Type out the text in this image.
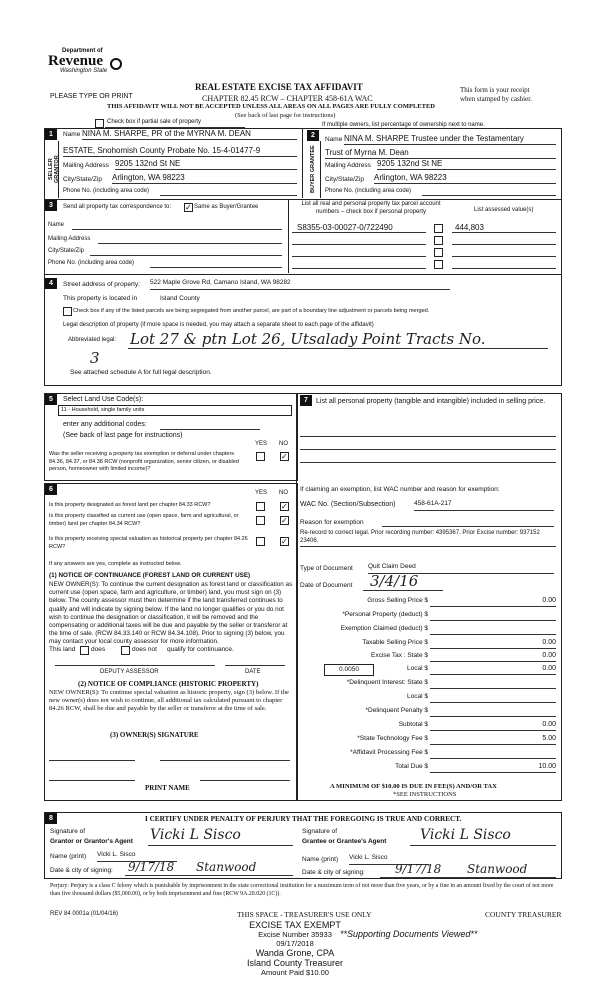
Department of
Revenue
Washington State
PLEASE TYPE OR PRINT
REAL ESTATE EXCISE TAX AFFIDAVIT
CHAPTER 82.45 RCW – CHAPTER 458-61A WAC
THIS AFFIDAVIT WILL NOT BE ACCEPTED UNLESS ALL AREAS ON ALL PAGES ARE FULLY COMPLETED
(See back of last page for instructions)
This form is your receipt
when stamped by cashier.
Check box if partial sale of property	If multiple owners, list percentage of ownership next to name.
1
SELLER GRANTOR
Name NINA M. SHARPE, PR of the MYRNA M. DEAN
ESTATE, Snohomish County Probate No. 15-4-01477-9
Mailing Address 9205 132nd St NE
City/State/Zip Arlington, WA 98223
Phone No. (including area code)
2
BUYER GRANTEE
Name NINA M. SHARPE Trustee under the Testamentary
Trust of Myrna M. Dean
Mailing Address 9205 132nd St NE
City/State/Zip Arlington, WA 98223
Phone No. (including area code)
3	Send all property tax correspondence to:
✓	Same as Buyer/Grantee	List all real and personal property tax parcel account numbers – check box if personal property	List assessed value(s)
Name
Mailing Address
City/State/Zip
Phone No. (including area code)
S8355-03-00027-0/722490	444,803
4	Street address of property: 522 Maple Grove Rd, Camano Island, WA 98282
This property is located in	Island County
Check box if any of the listed parcels are being segregated from another parcel, are part of a boundary line adjustment or parcels being merged.
Legal description of property (if more space is needed, you may attach a separate sheet to each page of the affidavit)
Abbreviated legal: Lot 27 & ptn Lot 26, Utsalady Point Tracts No.
3
See attached schedule A for full legal description.
5	Select Land Use Code(s):
11 - Household, single family units
enter any additional codes:
(See back of last page for instructions)
YES NO
Was the seller receiving a property tax exemption or deferral under chapters 84.36, 84.37, or 84.38 RCW (nonprofit organization, senior citizen, or disabled person, homeowner with limited income)?
✓
6	YES NO
Is this property designated as forest land per chapter 84.33 RCW?
✓
Is this property classified as current use (open space, farm and agricultural, or timber) land per chapter 84.34 RCW?
✓
Is this property receiving special valuation as historical property per chapter 84.26 RCW?
✓
If any answers are yes, complete as instructed below.
(1) NOTICE OF CONTINUANCE (FOREST LAND OR CURRENT USE)
NEW OWNER(S): To continue the current designation as forest land or classification as current use (open space, farm and agriculture, or timber) land, you must sign on (3) below. The county assessor must then determine if the land transferred continues to qualify and will indicate by signing below. If the land no longer qualifies or you do not wish to continue the designation or classification, it will be removed and the compensating or additional taxes will be due and payable by the seller or transferor at the time of sale. (RCW 84.33.140 or RCW 84.34.108). Prior to signing (3) below, you may contact your local county assessor for more information.
This land does	does not qualify for continuance.
DEPUTY ASSESSOR	DATE
(2) NOTICE OF COMPLIANCE (HISTORIC PROPERTY)
NEW OWNER(S): To continue special valuation as historic property, sign (3) below. If the new owner(s) does not wish to continue, all additional tax calculated pursuant to chapter 84.26 RCW, shall be due and payable by the seller or transferor at the time of sale.
(3) OWNER(S) SIGNATURE
PRINT NAME
7	List all personal property (tangible and intangible) included in selling price.
If claiming an exemption, list WAC number and reason for exemption:
WAC No. (Section/Subsection)	458-61A-217
Reason for exemption
Re-record to correct legal. Prior recording number: 4395367. Prior Excise number: 937152 23406.
Type of Document Quit Claim Deed
Date of Document 3/4/16
Gross Selling Price $	0.00
*Personal Property (deduct) $
Exemption Claimed (deduct) $
Taxable Selling Price $	0.00
Excise Tax : State $	0.00
0.0050	Local $	0.00
*Delinquent Interest: State $
Local $
*Delinquent Penalty $
Subtotal $	0.00
*State Technology Fee $	5.00
*Affidavit Processing Fee $
Total Due $	10.00
A MINIMUM OF $10.00 IS DUE IN FEE(S) AND/OR TAX
*SEE INSTRUCTIONS
8	I CERTIFY UNDER PENALTY OF PERJURY THAT THE FOREGOING IS TRUE AND CORRECT.
Signature of
Grantor or Grantor's Agent Vicki L Sisco
Name (print) Vicki L. Sisco
Date & city of signing: 9/17/18 Stanwood
Signature of
Grantee or Grantee's Agent Vicki L Sisco
Name (print) Vicki L. Sisco
Date & city of signing:	9/17/18 Stanwood
Perjury: Perjury is a class C felony which is punishable by imprisonment in the state correctional institution for a maximum term of not more than five years, or by a fine in an amount fixed by the court of not more than five thousand dollars ($5,000.00), or by both imprisonment and fine (RCW 9A.20.020 (1C)).
REV 84 0001a (01/04/16)	THIS SPACE - TREASURER'S USE ONLY	COUNTY TREASURER
EXCISE TAX EXEMPT
Excise Number 35933
09/17/2018
Wanda Grone, CPA
Island County Treasurer
Amount Paid $10.00
**Supporting Documents Viewed**
